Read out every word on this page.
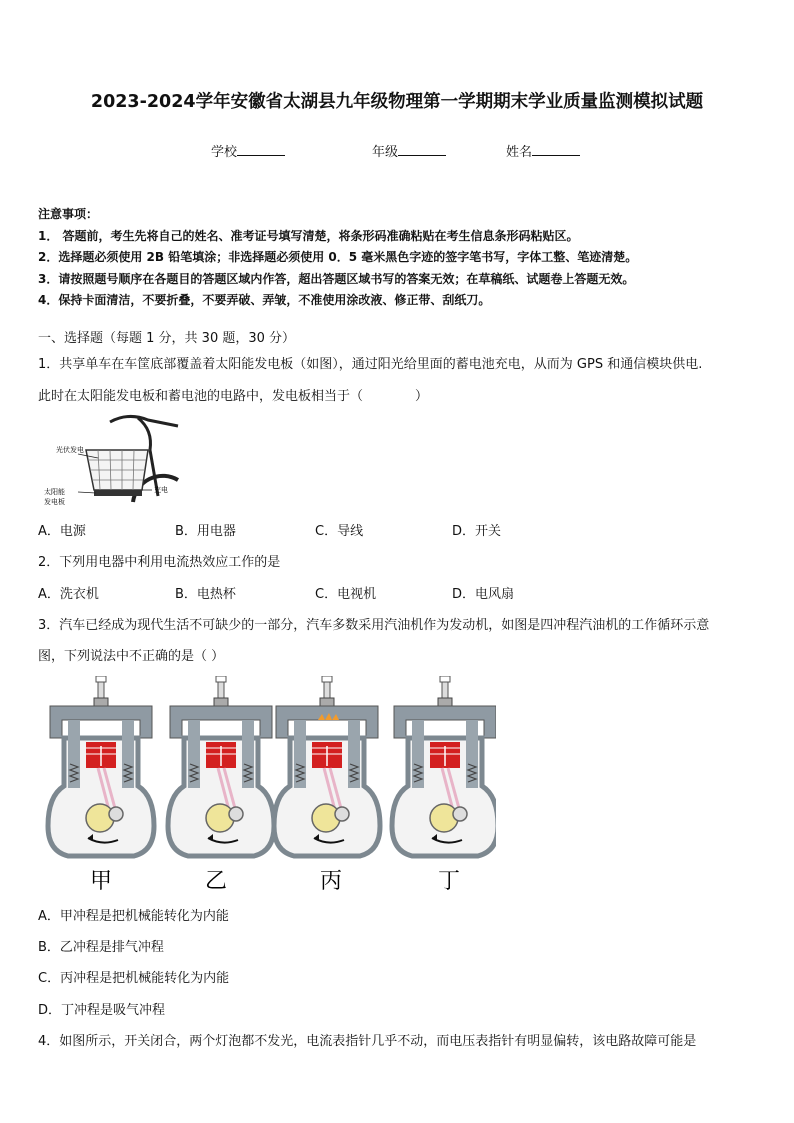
2023-2024学年安徽省太湖县九年级物理第一学期期末学业质量监测模拟试题
学校	年级	姓名
注意事项：
1． 答题前，考生先将自己的姓名、准考证号填写清楚，将条形码准确粘贴在考生信息条形码粘贴区。
2．选择题必须使用 2B 铅笔填涂；非选择题必须使用 0．5 毫米黑色字迹的签字笔书写，字体工整、笔迹清楚。
3．请按照题号顺序在各题目的答题区域内作答，超出答题区域书写的答案无效；在草稿纸、试题卷上答题无效。
4．保持卡面清洁，不要折叠，不要弄破、弄皱，不准使用涂改液、修正带、刮纸刀。
一、选择题（每题 1 分，共 30 题，30 分）
1．共享单车在车筐底部覆盖着太阳能发电板（如图），通过阳光给里面的蓄电池充电，从而为 GPS 和通信模块供电.
此时在太阳能发电板和蓄电池的电路中，发电板相当于（	）
光伏发电
充电
太阳能
发电板
A．电源	B．用电器	C．导线	D．开关
2．下列用电器中利用电流热效应工作的是
A．洗衣机	B．电热杯	C．电视机	D．电风扇
3．汽车已经成为现代生活不可缺少的一部分，汽车多数采用汽油机作为发动机，如图是四冲程汽油机的工作循环示意
图，下列说法中不正确的是（ ）
甲	乙	丙	丁
A．甲冲程是把机械能转化为内能
B．乙冲程是排气冲程
C．丙冲程是把机械能转化为内能
D．丁冲程是吸气冲程
4．如图所示，开关闭合，两个灯泡都不发光，电流表指针几乎不动，而电压表指针有明显偏转，该电路故障可能是
